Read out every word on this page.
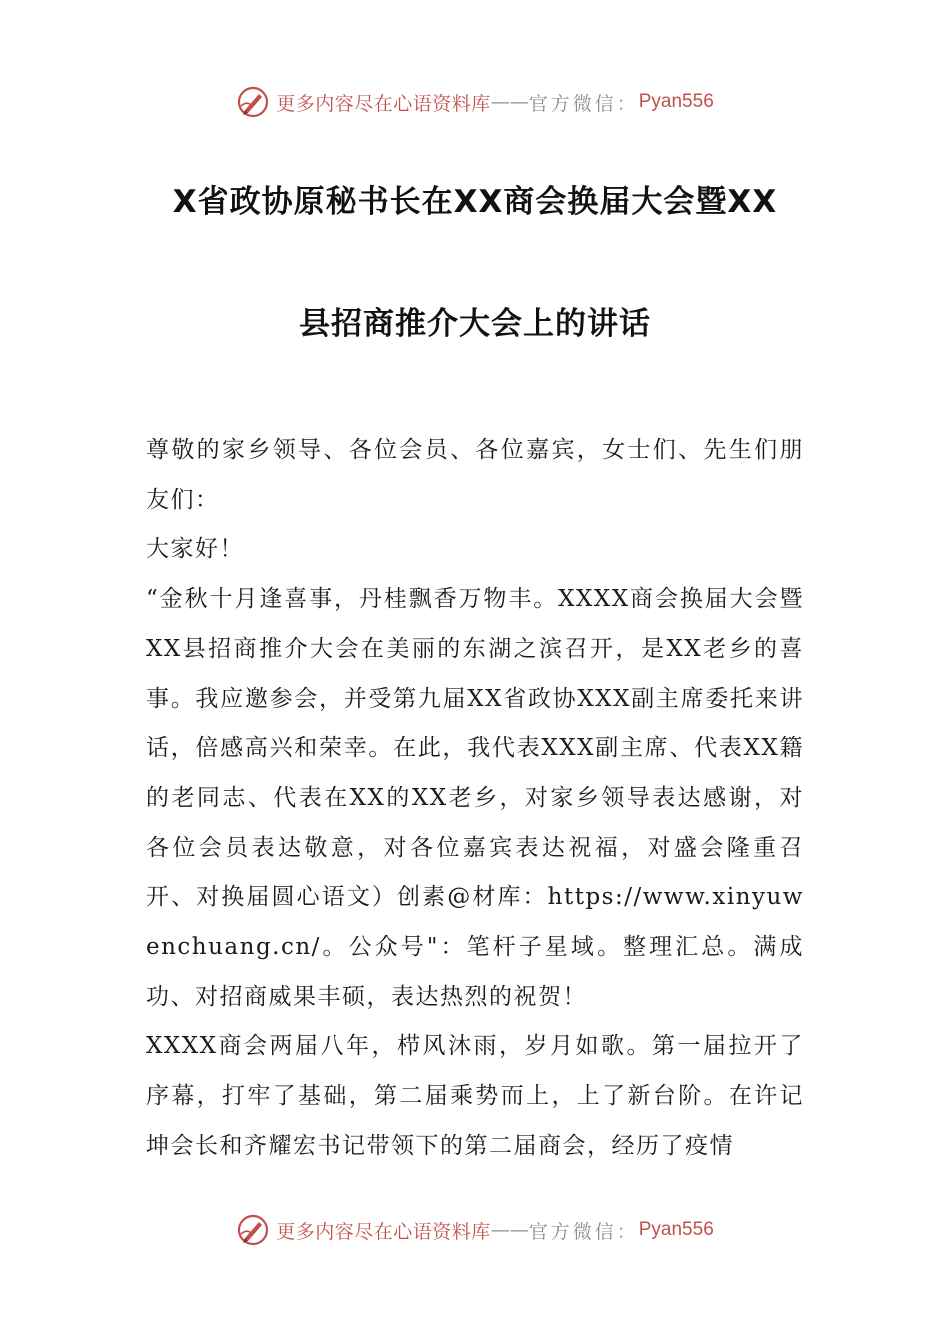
更多内容尽在心语资料库 —— 官方微信： Pyan556
X省政协原秘书长在XX商会换届大会暨XX
县招商推介大会上的讲话

尊敬的家乡领导、各位会员、各位嘉宾，女士们、先生们朋友们：

大家好！

“金秋十月逢喜事，丹桂飘香万物丰。XXXX商会换届大会暨XX县招商推介大会在美丽的东湖之滨召开，是XX老乡的喜事。我应邀参会，并受第九届XX省政协XXX副主席委托来讲话，倍感高兴和荣幸。在此，我代表XXX副主席、代表XX籍的老同志、代表在XX的XX老乡，对家乡领导表达感谢，对各位会员表达敬意，对各位嘉宾表达祝福，对盛会隆重召开、对换届圆心语文）创素@材库：https://www.xinyuwenchuang.cn/。公众号"：笔杆子星域。整理汇总。满成功、对招商威果丰硕，表达热烈的祝贺！

XXXX商会两届八年，栉风沐雨，岁月如歌。第一届拉开了序幕，打牢了基础，第二届乘势而上，上了新台阶。在许记坤会长和齐耀宏书记带领下的第二届商会，经历了疫情

更多内容尽在心语资料库 —— 官方微信： Pyan556
